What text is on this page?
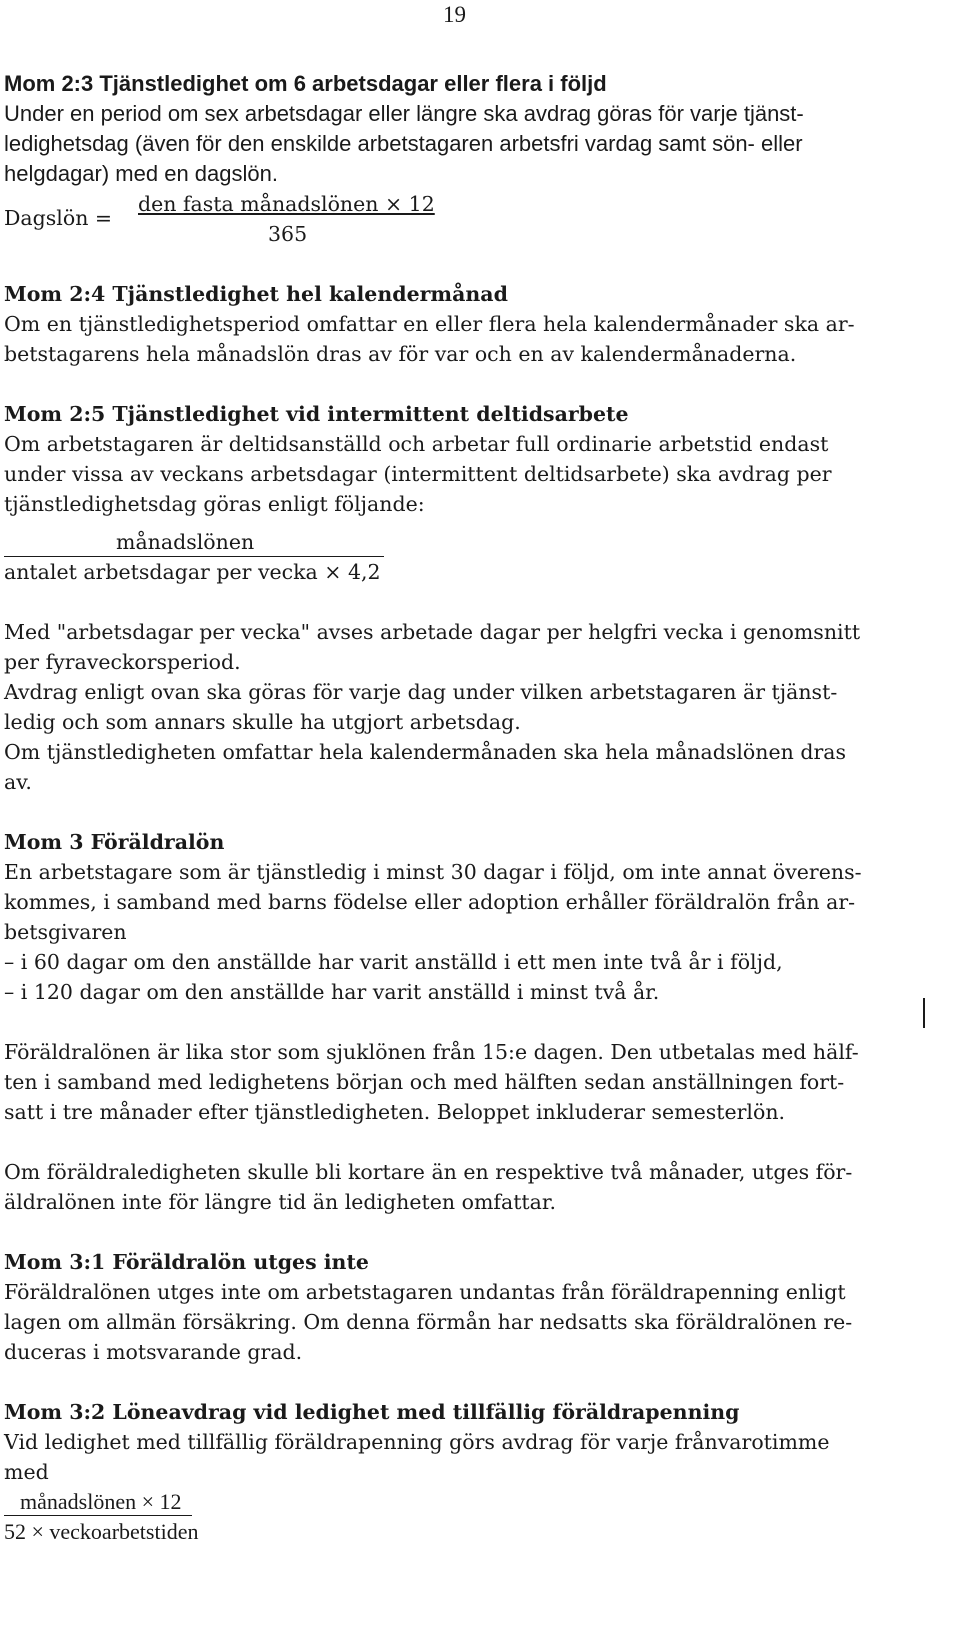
19
Mom 2:3 Tjänstledighet om 6 arbetsdagar eller flera i följd

Under en period om sex arbetsdagar eller längre ska avdrag göras för varje tjänst-

ledighetsdag (även för den enskilde arbetstagaren arbetsfri vardag samt sön- eller

helgdagar) med en dagslön.

Dagslön =
den fasta månadslönen × 12
365
Mom 2:4 Tjänstledighet hel kalendermånad

Om en tjänstledighetsperiod omfattar en eller flera hela kalendermånader ska ar-

betstagarens hela månadslön dras av för var och en av kalendermånaderna.

Mom 2:5 Tjänstledighet vid intermittent deltidsarbete

Om arbetstagaren är deltidsanställd och arbetar full ordinarie arbetstid endast

under vissa av veckans arbetsdagar (intermittent deltidsarbete) ska avdrag per

tjänstledighetsdag göras enligt följande:

månadslönen
antalet arbetsdagar per vecka × 4,2

Med "arbetsdagar per vecka" avses arbetade dagar per helgfri vecka i genomsnitt

per fyraveckorsperiod.

Avdrag enligt ovan ska göras för varje dag under vilken arbetstagaren är tjänst-

ledig och som annars skulle ha utgjort arbetsdag.

Om tjänstledigheten omfattar hela kalendermånaden ska hela månadslönen dras

av.

Mom 3 Föräldralön

En arbetstagare som är tjänstledig i minst 30 dagar i följd, om inte annat överens-

kommes, i samband med barns födelse eller adoption erhåller föräldralön från ar-

betsgivaren

– i 60 dagar om den anställde har varit anställd i ett men inte två år i följd,

– i 120 dagar om den anställde har varit anställd i minst två år.

Föräldralönen är lika stor som sjuklönen från 15:e dagen. Den utbetalas med hälf-

ten i samband med ledighetens början och med hälften sedan anställningen fort-

satt i tre månader efter tjänstledigheten. Beloppet inkluderar semesterlön.

Om föräldraledigheten skulle bli kortare än en respektive två månader, utges för-

äldralönen inte för längre tid än ledigheten omfattar.

Mom 3:1 Föräldralön utges inte

Föräldralönen utges inte om arbetstagaren undantas från föräldrapenning enligt

lagen om allmän försäkring. Om denna förmån har nedsatts ska föräldralönen re-

duceras i motsvarande grad.

Mom 3:2 Löneavdrag vid ledighet med tillfällig föräldrapenning

Vid ledighet med tillfällig föräldrapenning görs avdrag för varje frånvarotimme

med

månadslönen × 12
52 × veckoarbetstiden
